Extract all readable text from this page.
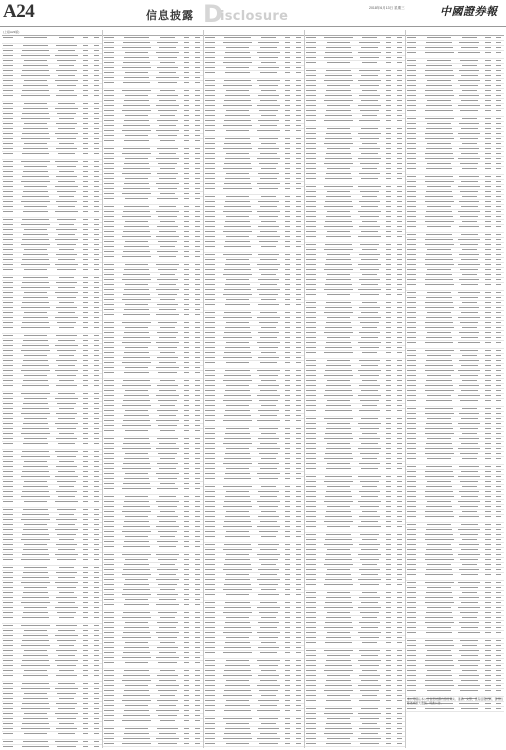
A24	信息披露 D
isclosure
2018年6月13日 星期三	中國證券報
(上接A23版)
本公司确认本公告信息披露内容的真实、准确、完整，没有虚假记载、误导性陈述或重大遗漏。特此公告。
